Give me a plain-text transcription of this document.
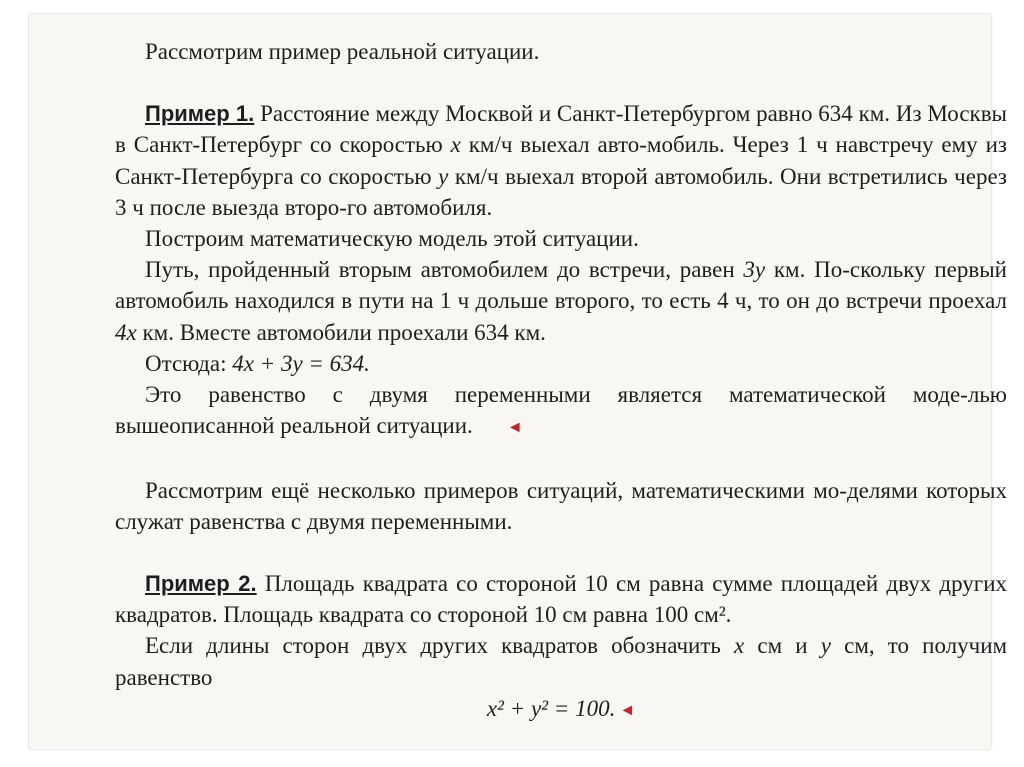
Рассмотрим пример реальной ситуации.

Пример 1. Расстояние между Москвой и Санкт-Петербургом равно 634 км. Из Москвы в Санкт-Петербург со скоростью x км/ч выехал авто-мобиль. Через 1 ч навстречу ему из Санкт-Петербурга со скоростью y км/ч выехал второй автомобиль. Они встретились через 3 ч после выезда второ-го автомобиля.

Построим математическую модель этой ситуации.

Путь, пройденный вторым автомобилем до встречи, равен 3y км. По-скольку первый автомобиль находился в пути на 1 ч дольше второго, то есть 4 ч, то он до встречи проехал 4x км. Вместе автомобили проехали 634 км.

Отсюда: 4x + 3y = 634.

Это равенство с двумя переменными является математической моде-лью вышеописанной реальной ситуации. ◄

Рассмотрим ещё несколько примеров ситуаций, математическими мо-делями которых служат равенства с двумя переменными.

Пример 2. Площадь квадрата со стороной 10 см равна сумме площадей двух других квадратов. Площадь квадрата со стороной 10 см равна 100 см².

Если длины сторон двух других квадратов обозначить x см и y см, то получим равенство

x² + y² = 100. ◄
